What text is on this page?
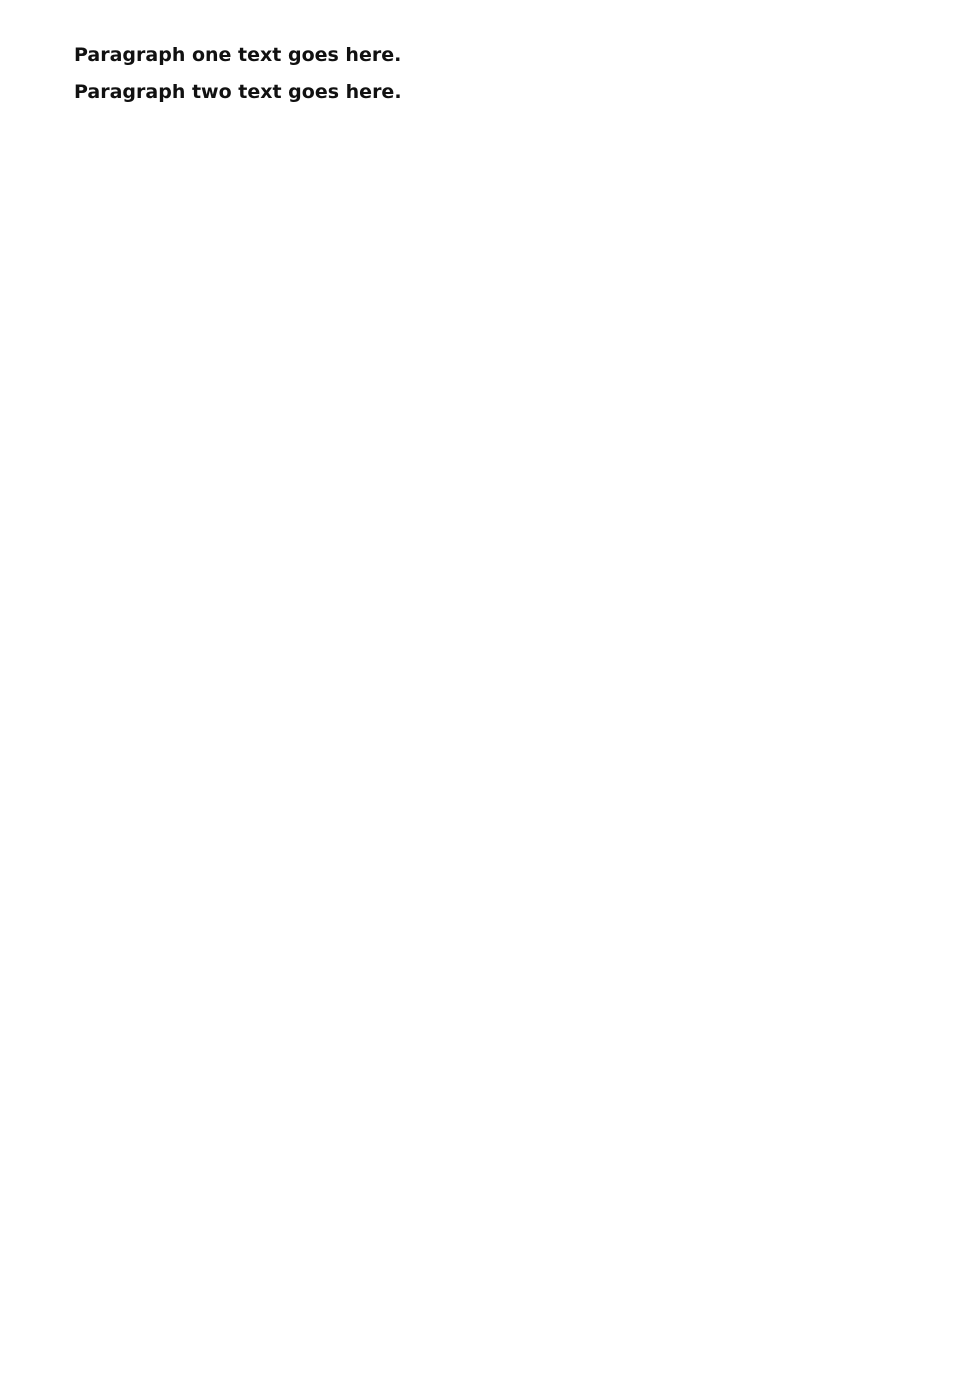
Paragraph one text goes here.

Paragraph two text goes here.
